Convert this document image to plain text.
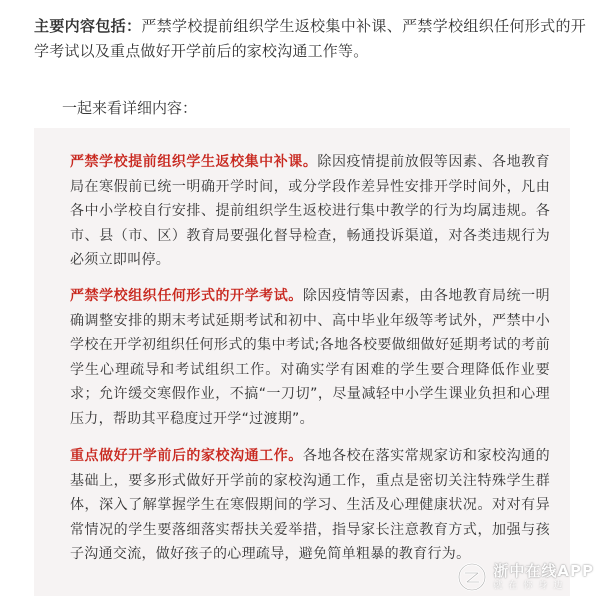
主要内容包括：严禁学校提前组织学生返校集中补课、严禁学校组织任何形式的开学考试以及重点做好开学前后的家校沟通工作等。

一起来看详细内容：

严禁学校提前组织学生返校集中补课。除因疫情提前放假等因素、各地教育局在寒假前已统一明确开学时间，或分学段作差异性安排开学时间外，凡由各中小学校自行安排、提前组织学生返校进行集中教学的行为均属违规。各市、县（市、区）教育局要强化督导检查，畅通投诉渠道，对各类违规行为必须立即叫停。

严禁学校组织任何形式的开学考试。除因疫情等因素，由各地教育局统一明确调整安排的期末考试延期考试和初中、高中毕业年级等考试外，严禁中小学校在开学初组织任何形式的集中考试;各地各校要做细做好延期考试的考前学生心理疏导和考试组织工作。对确实学有困难的学生要合理降低作业要求；允许缓交寒假作业，不搞“一刀切”，尽量减轻中小学生课业负担和心理压力，帮助其平稳度过开学“过渡期”。

重点做好开学前后的家校沟通工作。各地各校在落实常规家访和家校沟通的基础上，要多形式做好开学前的家校沟通工作，重点是密切关注特殊学生群体，深入了解掌握学生在寒假期间的学习、生活及心理健康状况。对对有异常情况的学生要落细落实帮扶关爱举措，指导家长注意教育方式，加强与孩子沟通交流，做好孩子的心理疏导，避免简单粗暴的教育行为。

浙中在线APP
就在你身边
